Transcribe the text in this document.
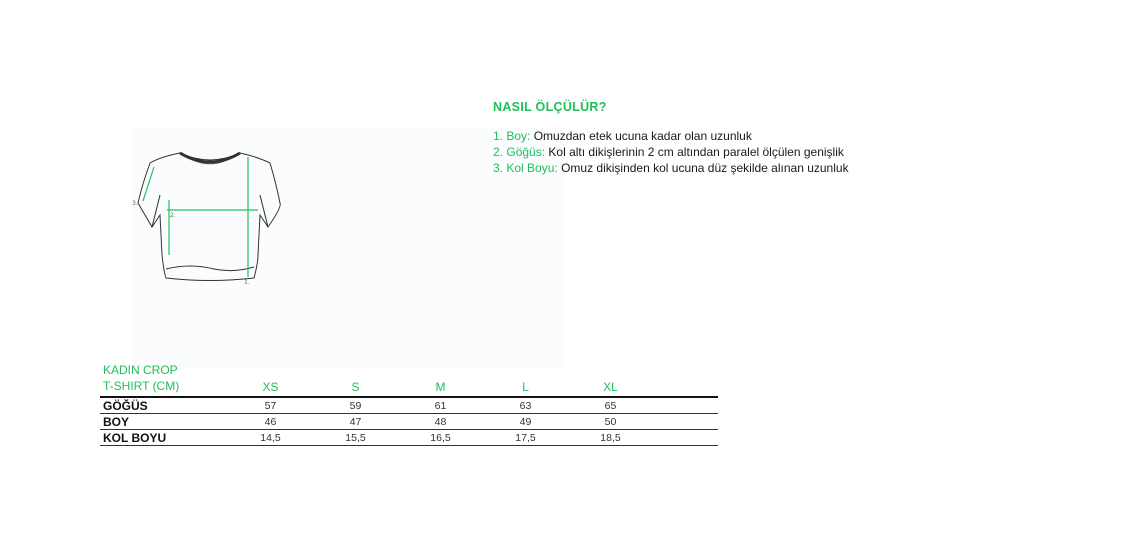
3.
2.
1.
NASIL ÖLÇÜLÜR?
1. Boy: Omuzdan etek ucuna kadar olan uzunluk
2. Göğüs: Kol altı dikişlerinin 2 cm altından paralel ölçülen genişlik
3. Kol Boyu: Omuz dikişinden kol ucuna düz şekilde alınan uzunluk
KADIN CROP
T-SHIRT (CM)	XS	S	M	L	XL	
GÖĞÜS	57	59	61	63	65	
BOY	46	47	48	49	50	
KOL BOYU	14,5	15,5	16,5	17,5	18,5	
